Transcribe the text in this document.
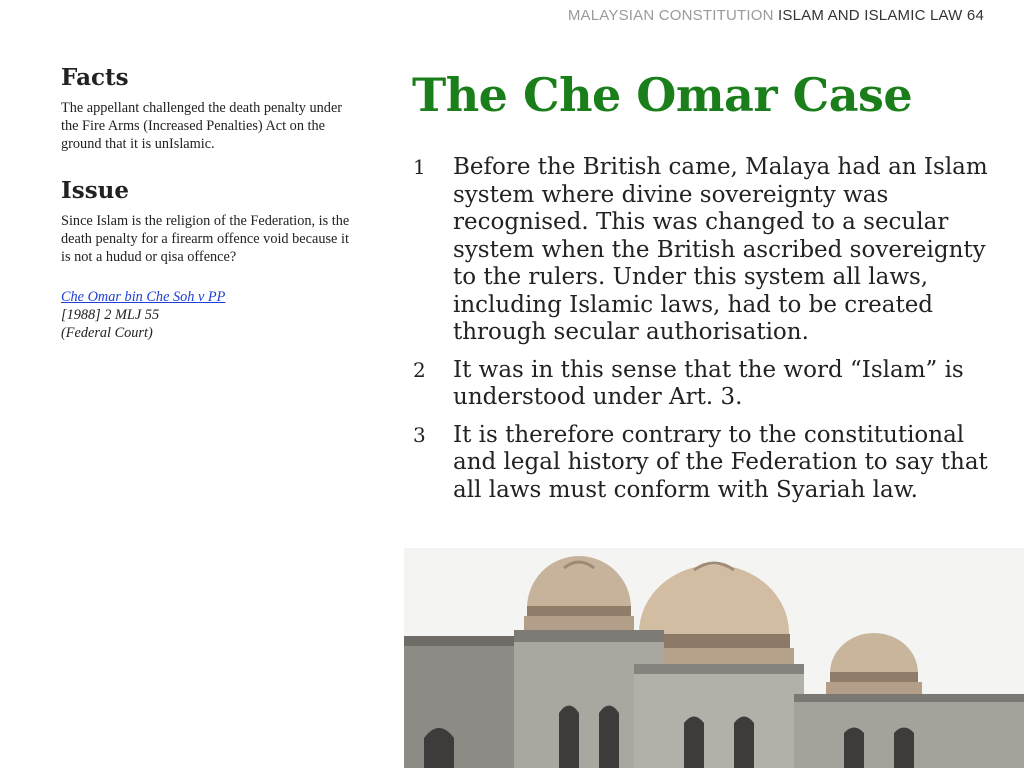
MALAYSIAN CONSTITUTION ISLAM AND ISLAMIC LAW 64
Facts

The appellant challenged the death penalty under the Fire Arms (Increased Penalties) Act on the ground that it is unIslamic.

Issue

Since Islam is the religion of the Federation, is the death penalty for a firearm offence void because it is not a hudud or qisa offence?

Che Omar bin Che Soh v PP
[1988] 2 MLJ 55
(Federal Court)
The Che Omar Case
1	Before the British came, Malaya had an Islam system where divine sovereignty was recognised. This was changed to a secular system when the British ascribed sovereignty to the rulers. Under this system all laws, including Islamic laws, had to be created through secular authorisation.
2	It was in this sense that the word “Islam” is understood under Art. 3.
3	It is therefore contrary to the constitutional and legal history of the Federation to say that all laws must conform with Syariah law.
